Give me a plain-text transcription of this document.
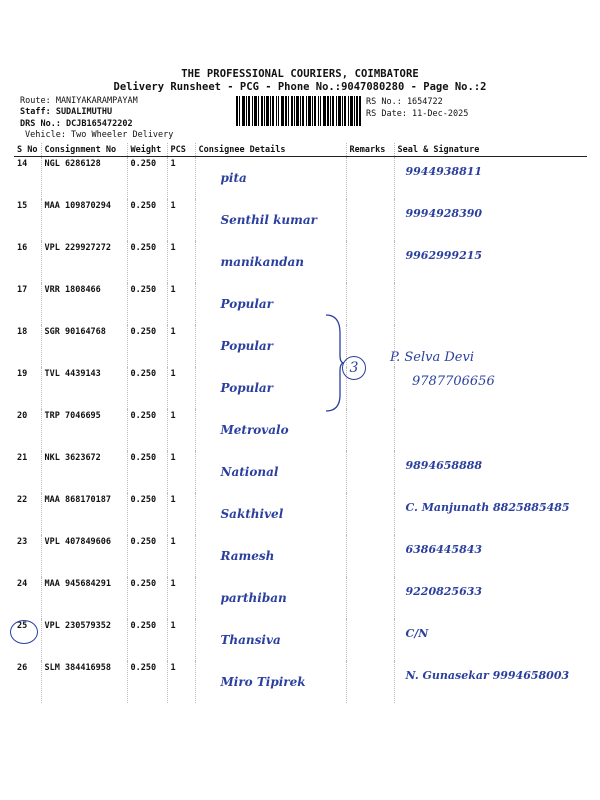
THE PROFESSIONAL COURIERS, COIMBATORE
Delivery Runsheet - PCG - Phone No.:9047080280 - Page No.:2
Route: MANIYAKARAMPAYAM
Staff: SUDALIMUTHU
DRS No.: DCJB165472202
Vehicle: Two Wheeler Delivery
RS No.: 1654722
RS Date: 11-Dec-2025
S No	Consignment No	Weight	PCS	Consignee Details	Remarks	Seal & Signature
14	NGL 6286128	0.250	1	pita		9944938811
15	MAA 109870294	0.250	1	Senthil kumar		9994928390
16	VPL 229927272	0.250	1	manikandan		9962999215
17	VRR 1808466	0.250	1	Popular		
18	SGR 90164768	0.250	1	Popular		
19	TVL 4439143	0.250	1	Popular		
20	TRP 7046695	0.250	1	Metrovalo		
21	NKL 3623672	0.250	1	National		9894658888
22	MAA 868170187	0.250	1	Sakthivel		C. Manjunath 8825885485
23	VPL 407849606	0.250	1	Ramesh		6386445843
24	MAA 945684291	0.250	1	parthiban		9220825633
25	VPL 230579352	0.250	1	Thansiva		C/N
26	SLM 384416958	0.250	1	Miro Tipirek		N. Gunasekar 9994658003
3
P. Selva Devi
9787706656
